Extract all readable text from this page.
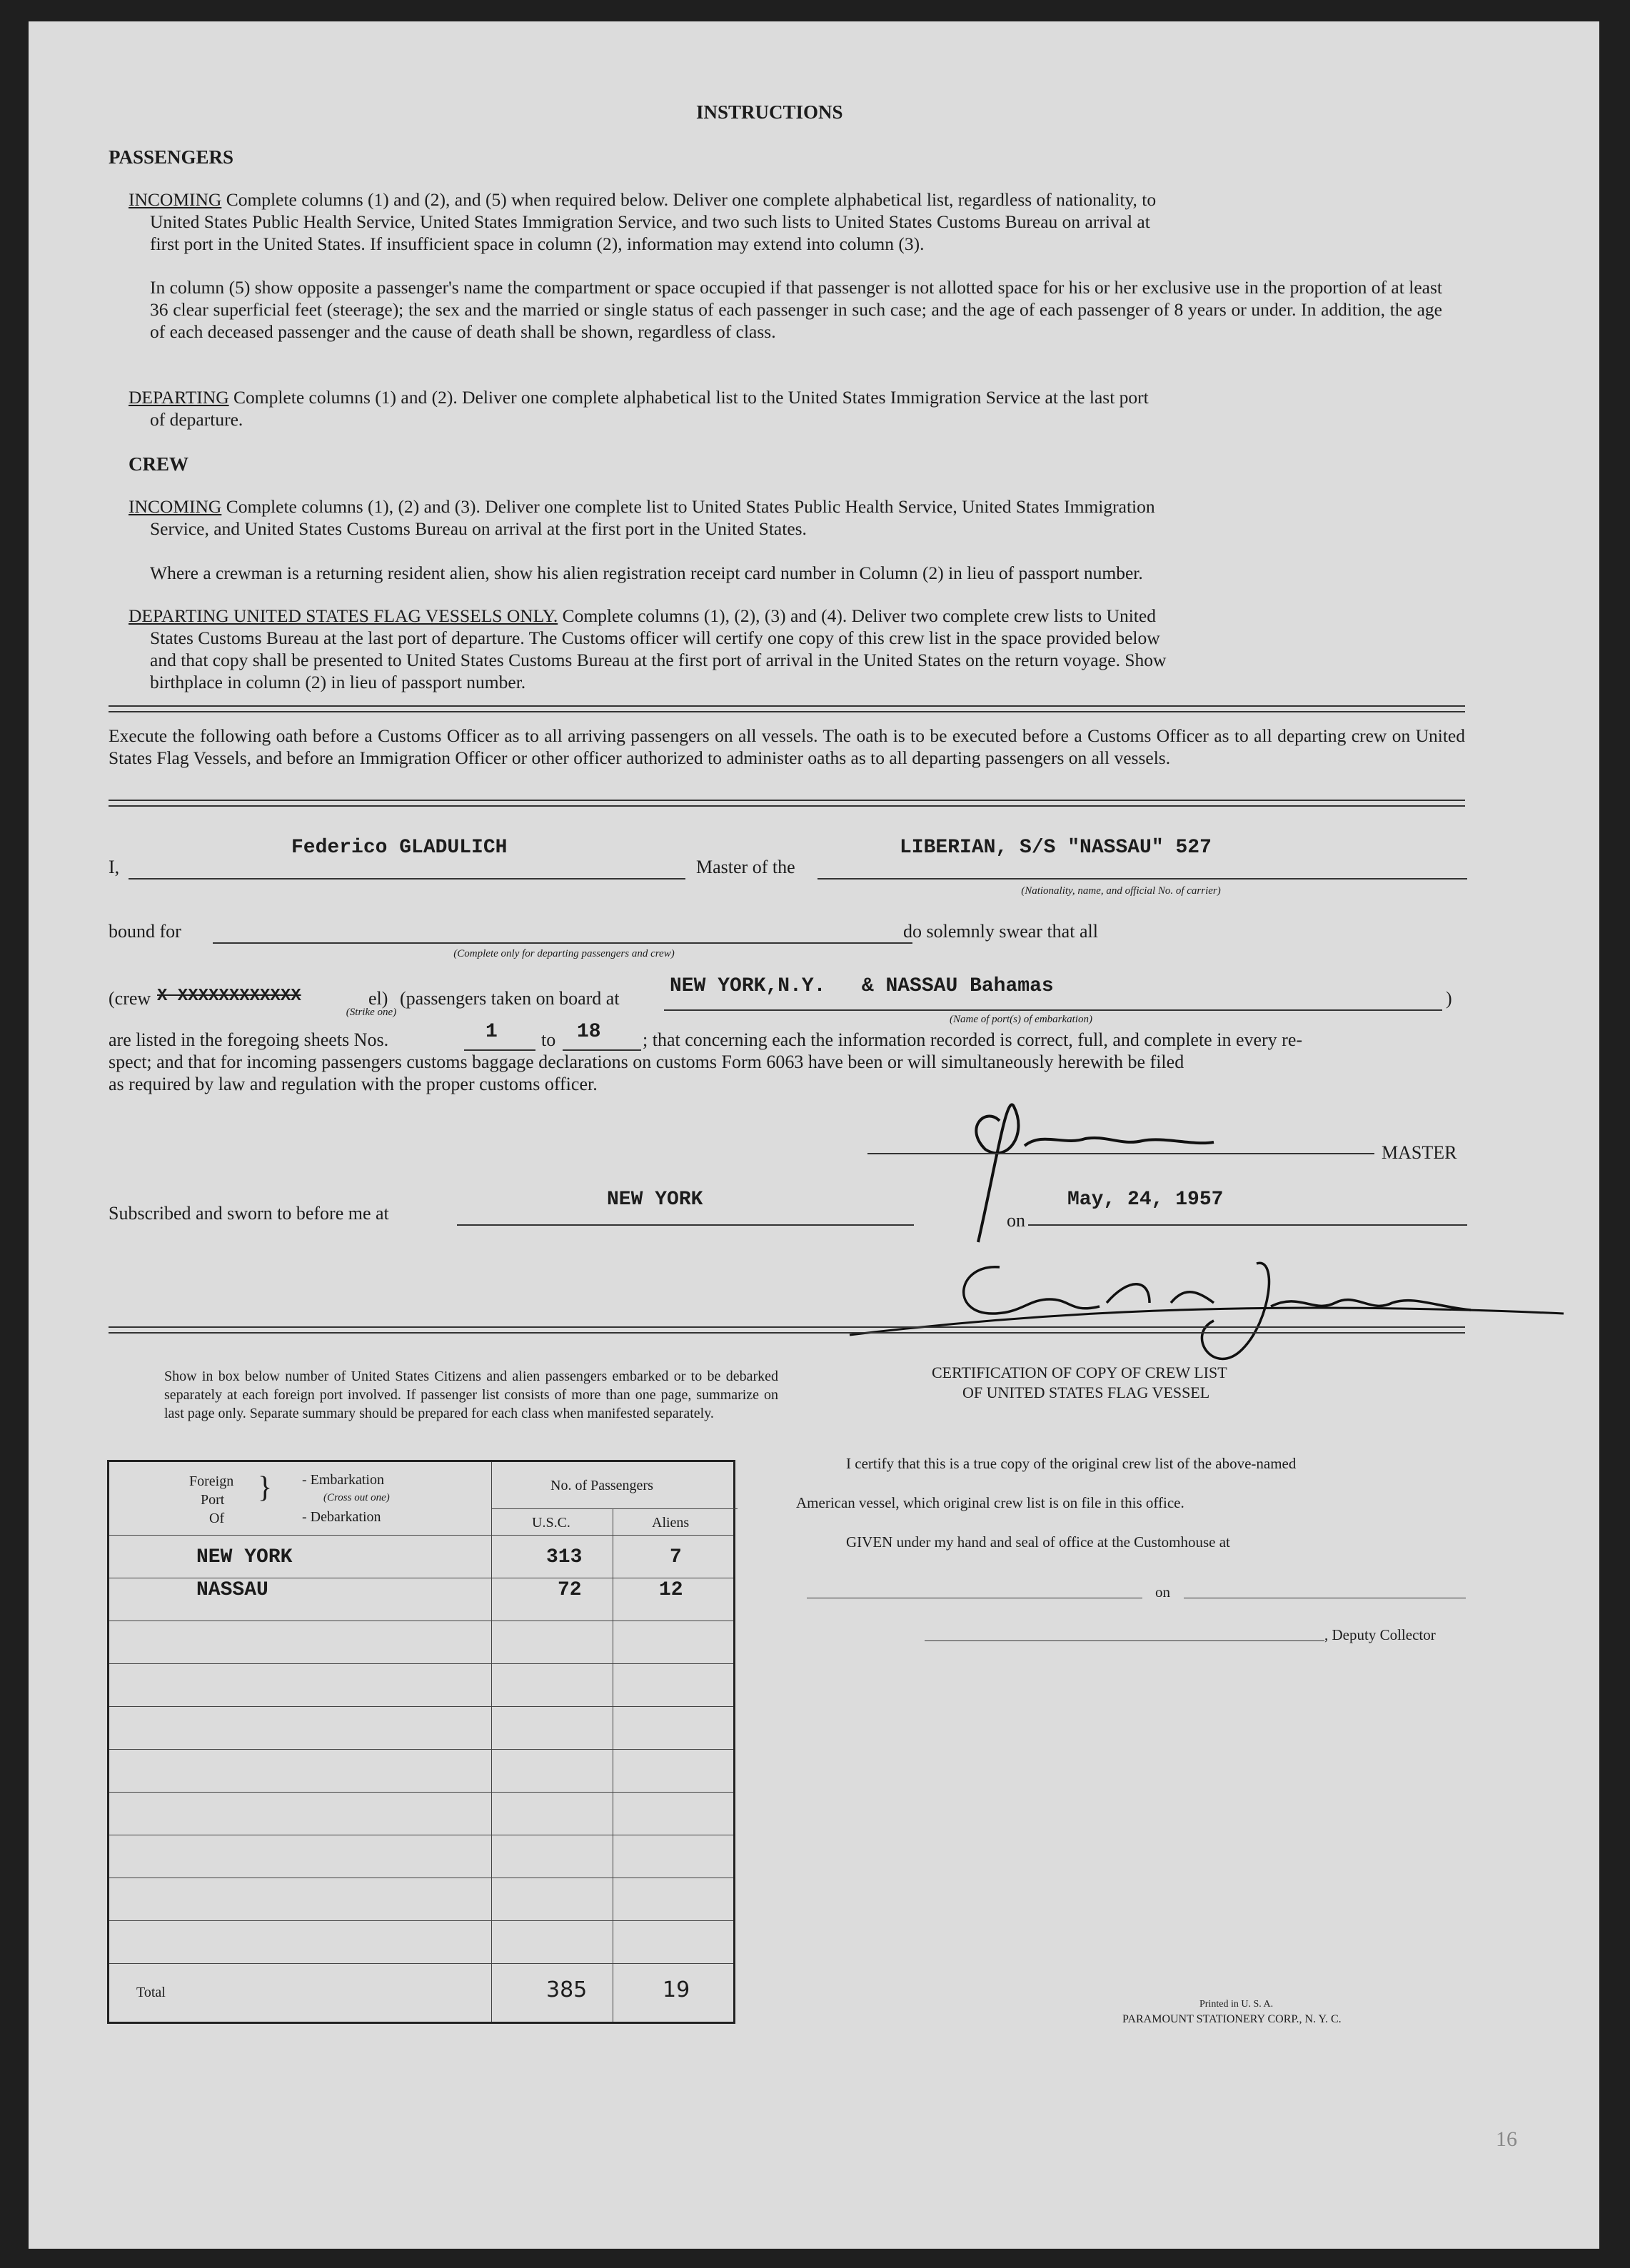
INSTRUCTIONS
PASSENGERS
INCOMING Complete columns (1) and (2), and (5) when required below. Deliver one complete alphabetical list, regardless of nationality, to
United States Public Health Service, United States Immigration Service, and two such lists to United States Customs Bureau on arrival at
first port in the United States. If insufficient space in column (2), information may extend into column (3).
In column (5) show opposite a passenger's name the compartment or space occupied if that passenger is not allotted space for his or her exclusive use in the proportion of at least 36 clear superficial feet (steerage); the sex and the married or single status of each passenger in such case; and the age of each passenger of 8 years or under. In addition, the age of each deceased passenger and the cause of death shall be shown, regardless of class.
DEPARTING Complete columns (1) and (2). Deliver one complete alphabetical list to the United States Immigration Service at the last port
of departure.
CREW
INCOMING Complete columns (1), (2) and (3). Deliver one complete list to United States Public Health Service, United States Immigration
Service, and United States Customs Bureau on arrival at the first port in the United States.
Where a crewman is a returning resident alien, show his alien registration receipt card number in Column (2) in lieu of passport number.
DEPARTING UNITED STATES FLAG VESSELS ONLY. Complete columns (1), (2), (3) and (4). Deliver two complete crew lists to United
States Customs Bureau at the last port of departure. The Customs officer will certify one copy of this crew list in the space provided below
and that copy shall be presented to United States Customs Bureau at the first port of arrival in the United States on the return voyage. Show
birthplace in column (2) in lieu of passport number.
Execute the following oath before a Customs Officer as to all arriving passengers on all vessels. The oath is to be executed before a Customs Officer as to all departing crew on United States Flag Vessels, and before an Immigration Officer or other officer authorized to administer oaths as to all departing passengers on all vessels.
I,
Federico GLADULICH
Master of the
LIBERIAN, S/S "NASSAU" 527
(Nationality, name, and official No. of carrier)
bound for
(Complete only for departing passengers and crew)
do solemnly swear that all
(crew X XXXXXXXXXXXX	el)
(Strike one)
(passengers taken on board at
NEW YORK,N.Y.   & NASSAU Bahamas
(Name of port(s) of embarkation)
)
are listed in the foregoing sheets Nos.	1 to 18 ; that concerning each the information recorded is correct, full, and complete in every re-
spect; and that for incoming passengers customs baggage declarations on customs Form 6063 have been or will simultaneously herewith be filed
as required by law and regulation with the proper customs officer.
MASTER
Subscribed and sworn to before me at
NEW YORK
on
May, 24, 1957
Show in box below number of United States Citizens and alien passengers embarked or to be debarked separately at each foreign port involved. If passenger list consists of more than one page, summarize on last page only. Separate summary should be prepared for each class when manifested separately.
Foreign
Port
Of
} - Embarkation
(Cross out one)
- Debarkation
No. of Passengers
U.S.C.	Aliens
NEW YORK	313	7
NASSAU	72	12
Total	385	19
CERTIFICATION OF COPY OF CREW LIST
OF UNITED STATES FLAG VESSEL
I certify that this is a true copy of the original crew list of the above-named
American vessel, which original crew list is on file in this office.
GIVEN under my hand and seal of office at the Customhouse at
on
, Deputy Collector
Printed in U. S. A.
PARAMOUNT STATIONERY CORP., N. Y. C.
16
